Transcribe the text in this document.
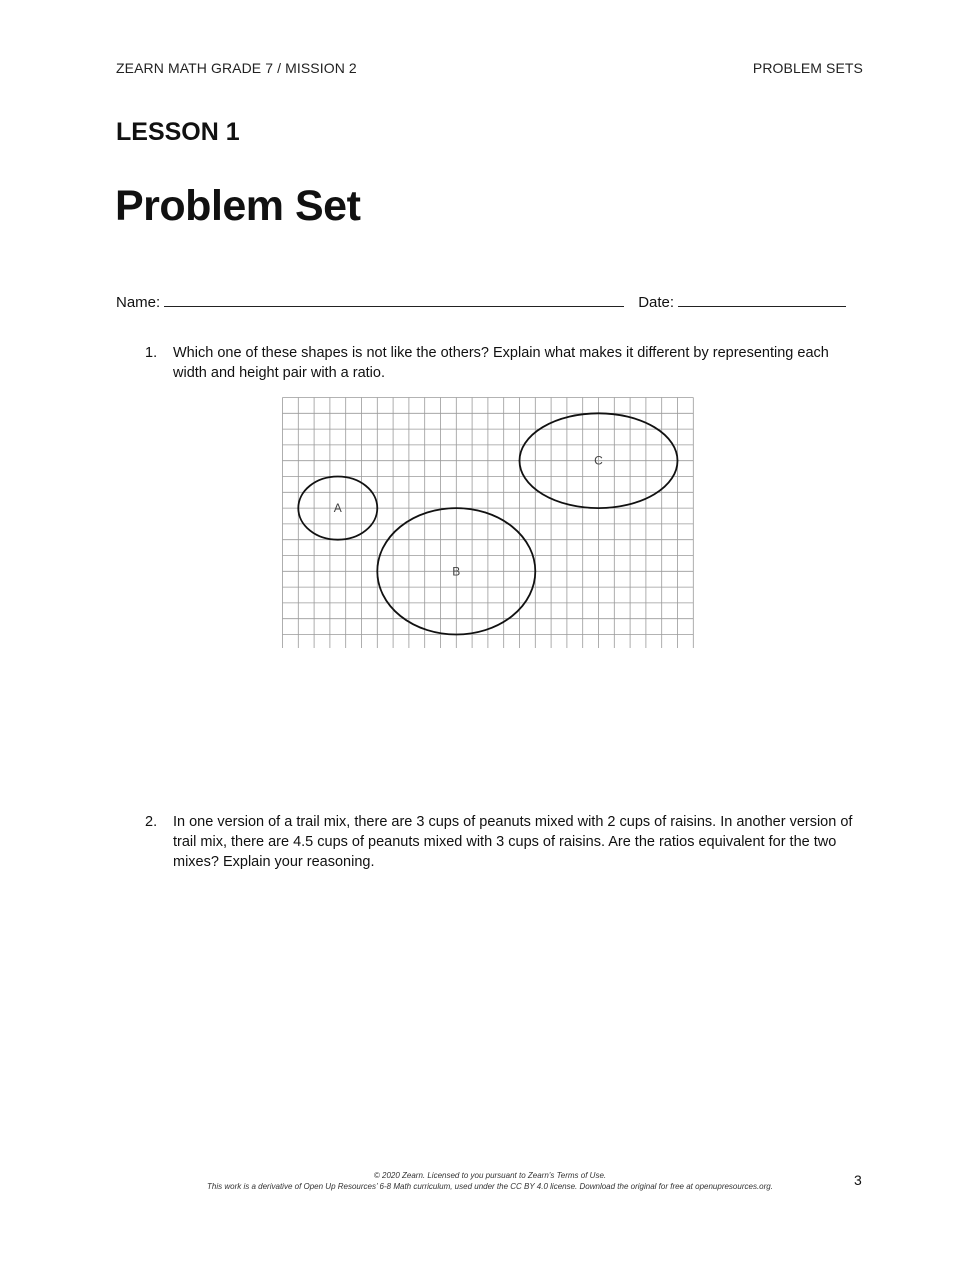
ZEARN MATH GRADE 7 / MISSION 2	PROBLEM SETS
LESSON 1
Problem Set
Name:	Date:
1. Which one of these shapes is not like the others? Explain what makes it different by representing each width and height pair with a ratio.
A
B
C
2. In one version of a trail mix, there are 3 cups of peanuts mixed with 2 cups of raisins. In another version of trail mix, there are 4.5 cups of peanuts mixed with 3 cups of raisins. Are the ratios equivalent for the two mixes? Explain your reasoning.
© 2020 Zearn. Licensed to you pursuant to Zearn’s Terms of Use.
This work is a derivative of Open Up Resources’ 6-8 Math curriculum, used under the CC BY 4.0 license. Download the original for free at openupresources.org.	3
